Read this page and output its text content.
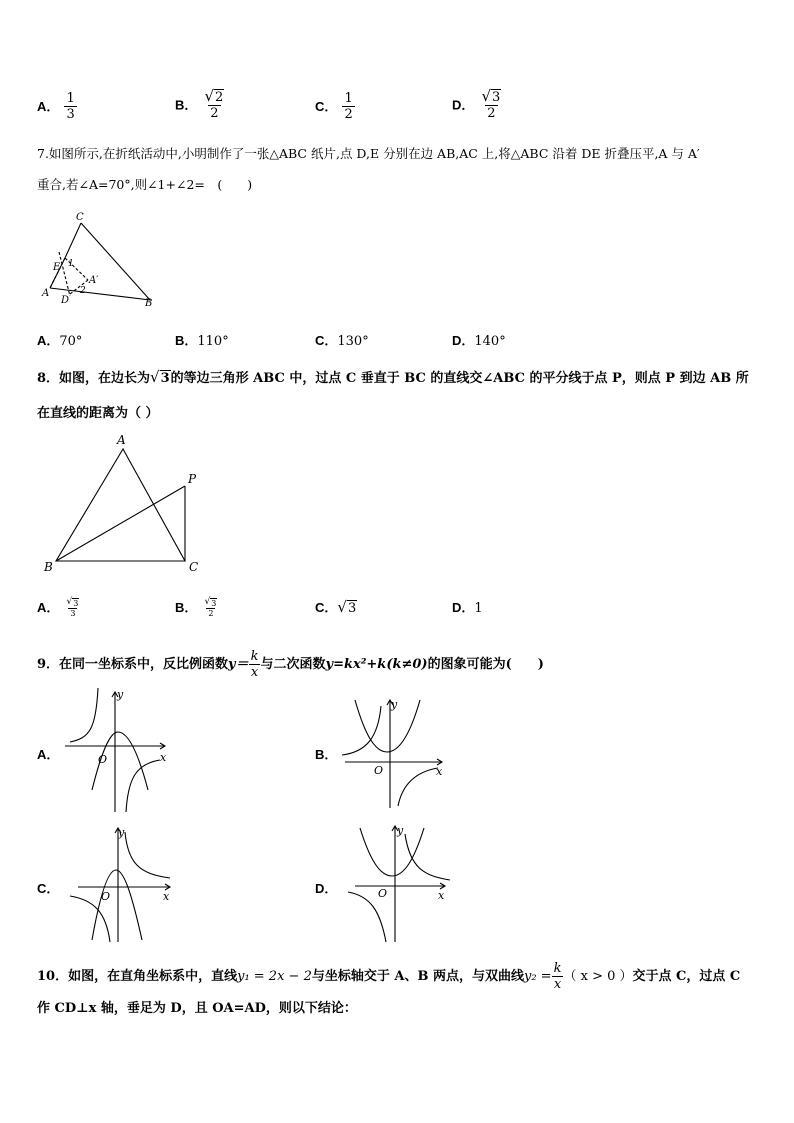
A． $\frac{1}{3}$	B． $\frac{√ 2}{2}$	C． $\frac{1}{2}$	D． $\frac{√ 3}{2}$
7.如图所示,在折纸活动中,小明制作了一张△ABC 纸片,点 D,E 分别在边 AB,AC 上,将△ABC 沿着 DE 折叠压平,A 与 A′
重合,若∠A=70°,则∠1+∠2=　(　　)
C
E 1
A′
2
A
D	B
A．70°	B．110°	C．130°	D．140°
8．如图，在边长为 √ 3 的等边三角形 ABC 中，过点 C 垂直于 BC 的直线交∠ABC 的平分线于点 P，则点 P 到边 AB 所
在直线的距离为（ ）
A
P
B	C
A． $\frac{√ 3}{3}$	B． $\frac{√ 3}{2}$	C． √ 3	D．1
9．在同一坐标系中，反比例函数$y= \frac{k}{x}$ 与二次函数y=kx²+k(k≠0)的图象可能为(　　)
y
x
O
y
x
O
y
x
O
y
x
O
A．	B．
C．	D．
10．如图，在直角坐标系中，直线y₁ = 2x − 2与坐标轴交于 A、B 两点，与双曲线$y_2 = \frac{k}{x}$ （ x > 0 ）交于点 C，过点 C
作 CD⊥x 轴，垂足为 D，且 OA=AD，则以下结论：
